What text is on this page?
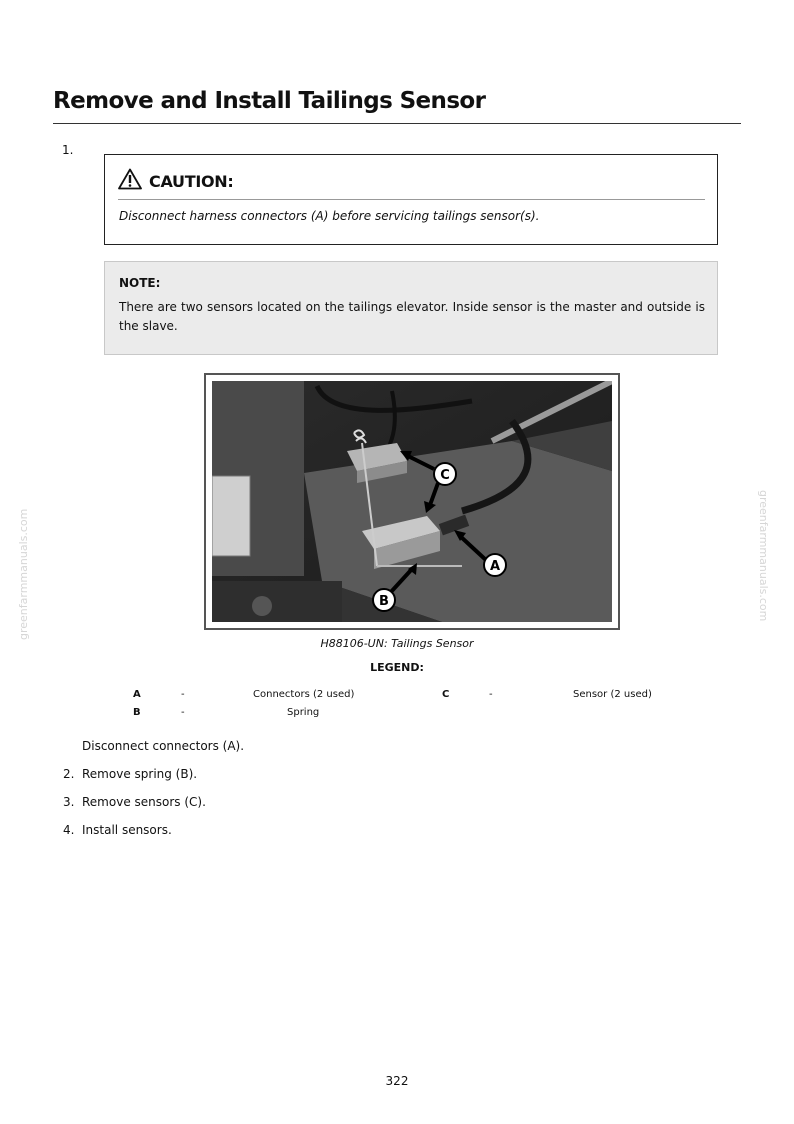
Remove and Install Tailings Sensor
1.
CAUTION:
Disconnect harness connectors (A) before servicing tailings sensor(s).
NOTE:
There are two sensors located on the tailings elevator. Inside sensor is the master and outside is the slave.
C
A
B
H88106-UN: Tailings Sensor
LEGEND:
A	-	Connectors (2 used)
B	-	Spring
C	-	Sensor (2 used)
Disconnect connectors (A).
2. Remove spring (B).
3. Remove sensors (C).
4. Install sensors.
greenfarmmanuals.com	greenfarmmanuals.com
322
